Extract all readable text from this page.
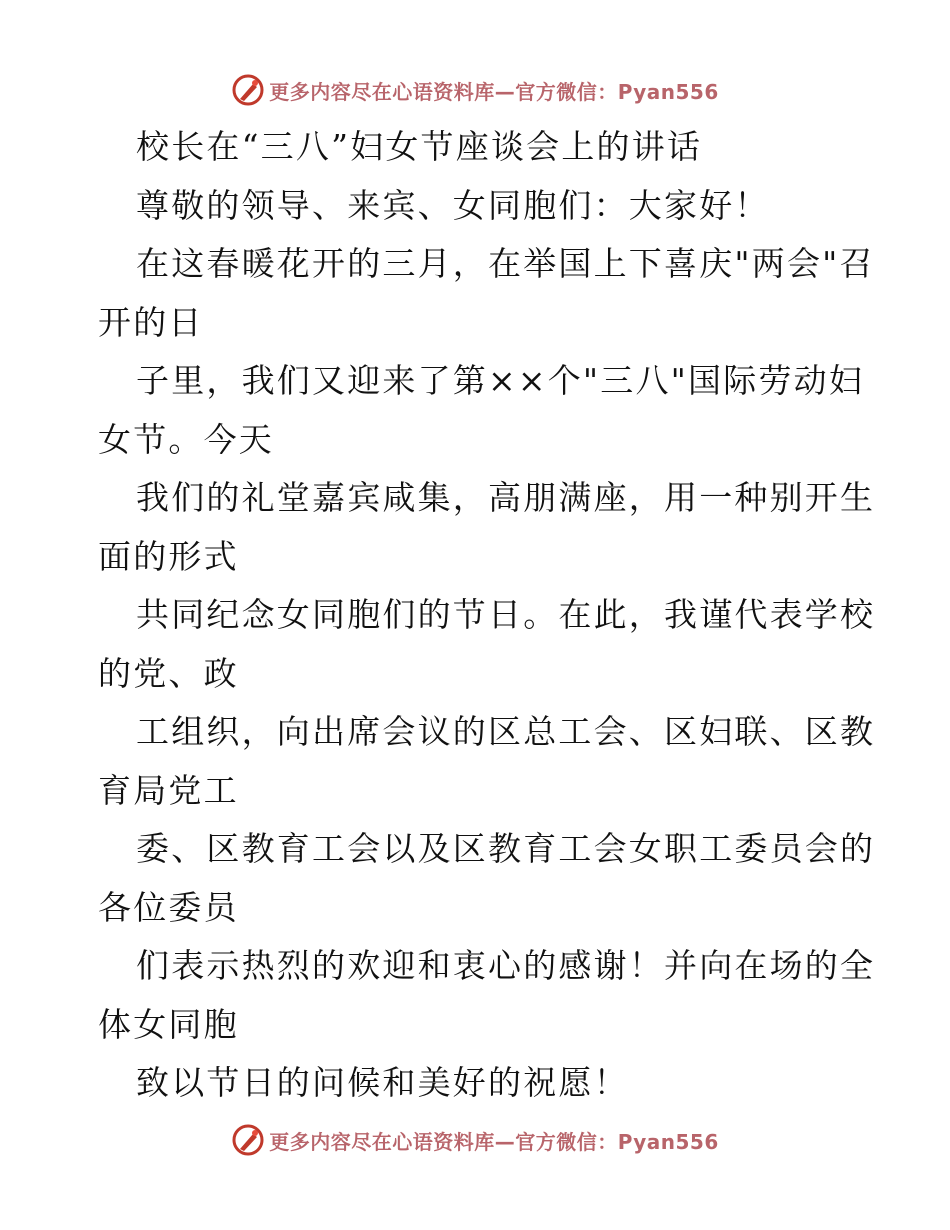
更多内容尽在心语资料库—官方微信：Pyan556
校长在“三八”妇女节座谈会上的讲话
尊敬的领导、来宾、女同胞们：大家好！
在这春暖花开的三月，在举国上下喜庆"两会"召
开的日
子里，我们又迎来了第××个"三八"国际劳动妇
女节。今天
我们的礼堂嘉宾咸集，高朋满座，用一种别开生
面的形式
共同纪念女同胞们的节日。在此，我谨代表学校
的党、政
工组织，向出席会议的区总工会、区妇联、区教
育局党工
委、区教育工会以及区教育工会女职工委员会的
各位委员
们表示热烈的欢迎和衷心的感谢！并向在场的全
体女同胞
致以节日的问候和美好的祝愿！
更多内容尽在心语资料库—官方微信：Pyan556
